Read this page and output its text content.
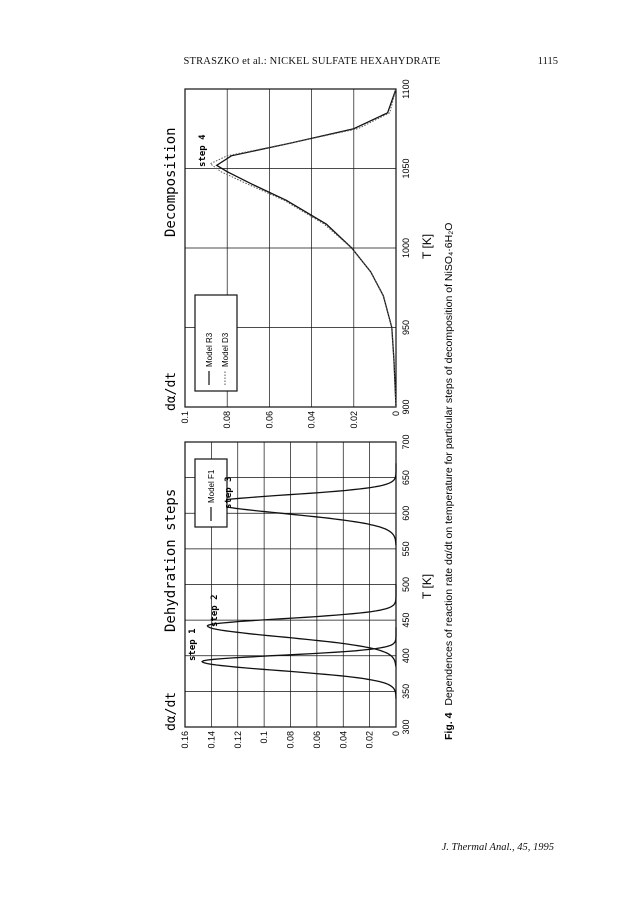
STRASZKO et al.: NICKEL SULFATE HEXAHYDRATE	1115
0
0.02
0.04
0.06
0.08
0.1
0.12
0.14
0.16
300
350
400
450
500
550
600
650
700
Dehydration steps
dα/dt
T [K]
Model F1
step 1
step 2
step 3
0
0.02
0.04
0.06
0.08
0.1
900
950
1000
1050
1100
Decomposition
dα/dt
T [K]
Model R3 Model D3
step 4
Fig. 4 Dependences of reaction rate dα/dt on temperature for particular steps of decomposition of NiSO₄·6H₂O
J. Thermal Anal., 45, 1995
